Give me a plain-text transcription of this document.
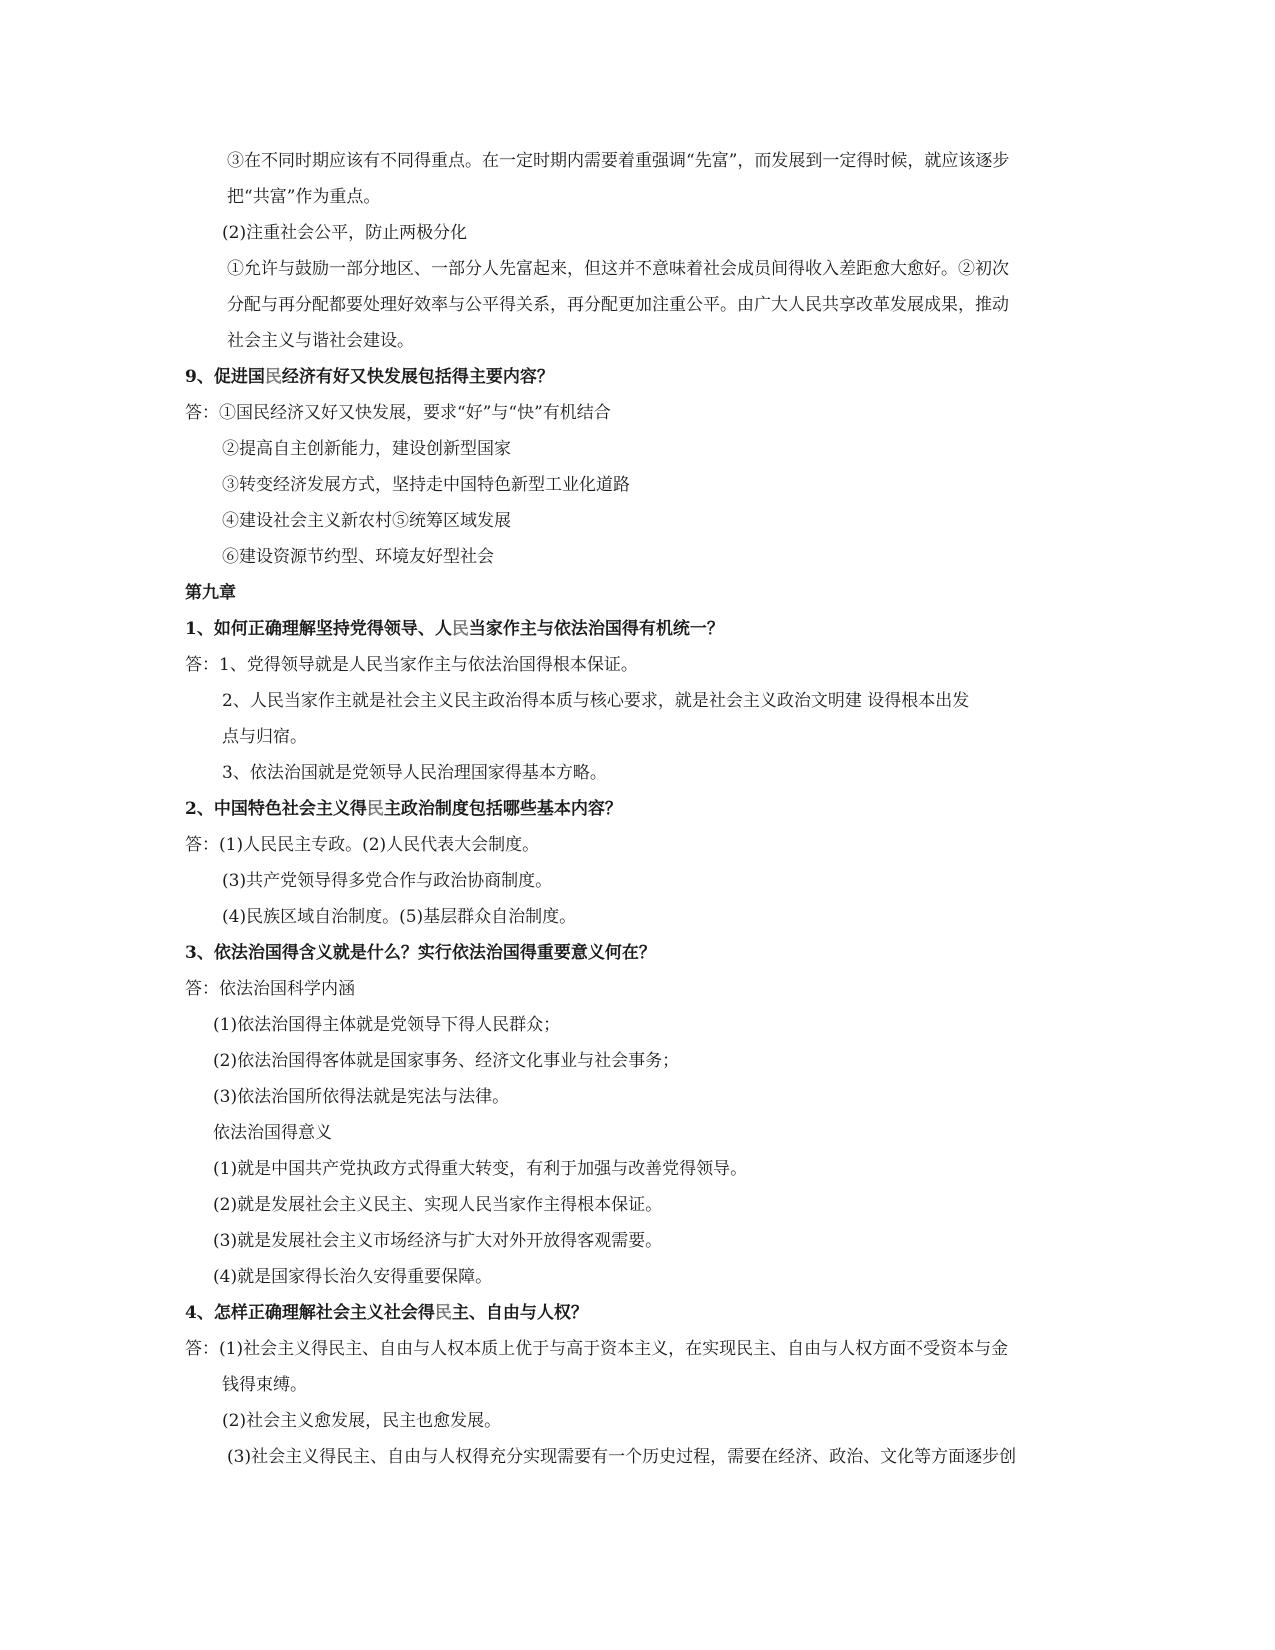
③在不同时期应该有不同得重点。在一定时期内需要着重强调“先富”，而发展到一定得时候，就应该逐步
把“共富”作为重点。
(2)注重社会公平，防止两极分化
①允许与鼓励一部分地区、一部分人先富起来，但这并不意味着社会成员间得收入差距愈大愈好。②初次
分配与再分配都要处理好效率与公平得关系，再分配更加注重公平。由广大人民共享改革发展成果，推动
社会主义与谐社会建设。
9、促进国民经济有好又快发展包括得主要内容？
答：①国民经济又好又快发展，要求“好”与“快”有机结合
②提高自主创新能力，建设创新型国家
③转变经济发展方式，坚持走中国特色新型工业化道路
④建设社会主义新农村⑤统筹区域发展
⑥建设资源节约型、环境友好型社会
第九章
1、如何正确理解坚持党得领导、人民当家作主与依法治国得有机统一？
答：1、党得领导就是人民当家作主与依法治国得根本保证。
2、人民当家作主就是社会主义民主政治得本质与核心要求，就是社会主义政治文明建 设得根本出发
点与归宿。
3、依法治国就是党领导人民治理国家得基本方略。
2、中国特色社会主义得民主政治制度包括哪些基本内容？
答：(1)人民民主专政。(2)人民代表大会制度。
(3)共产党领导得多党合作与政治协商制度。
(4)民族区域自治制度。(5)基层群众自治制度。
3、依法治国得含义就是什么？实行依法治国得重要意义何在？
答：依法治国科学内涵
(1)依法治国得主体就是党领导下得人民群众；
(2)依法治国得客体就是国家事务、经济文化事业与社会事务；
(3)依法治国所依得法就是宪法与法律。
依法治国得意义
(1)就是中国共产党执政方式得重大转变，有利于加强与改善党得领导。
(2)就是发展社会主义民主、实现人民当家作主得根本保证。
(3)就是发展社会主义市场经济与扩大对外开放得客观需要。
(4)就是国家得长治久安得重要保障。
4、怎样正确理解社会主义社会得民主、自由与人权？
答：(1)社会主义得民主、自由与人权本质上优于与高于资本主义，在实现民主、自由与人权方面不受资本与金
钱得束缚。
(2)社会主义愈发展，民主也愈发展。
(3)社会主义得民主、自由与人权得充分实现需要有一个历史过程，需要在经济、政治、文化等方面逐步创
